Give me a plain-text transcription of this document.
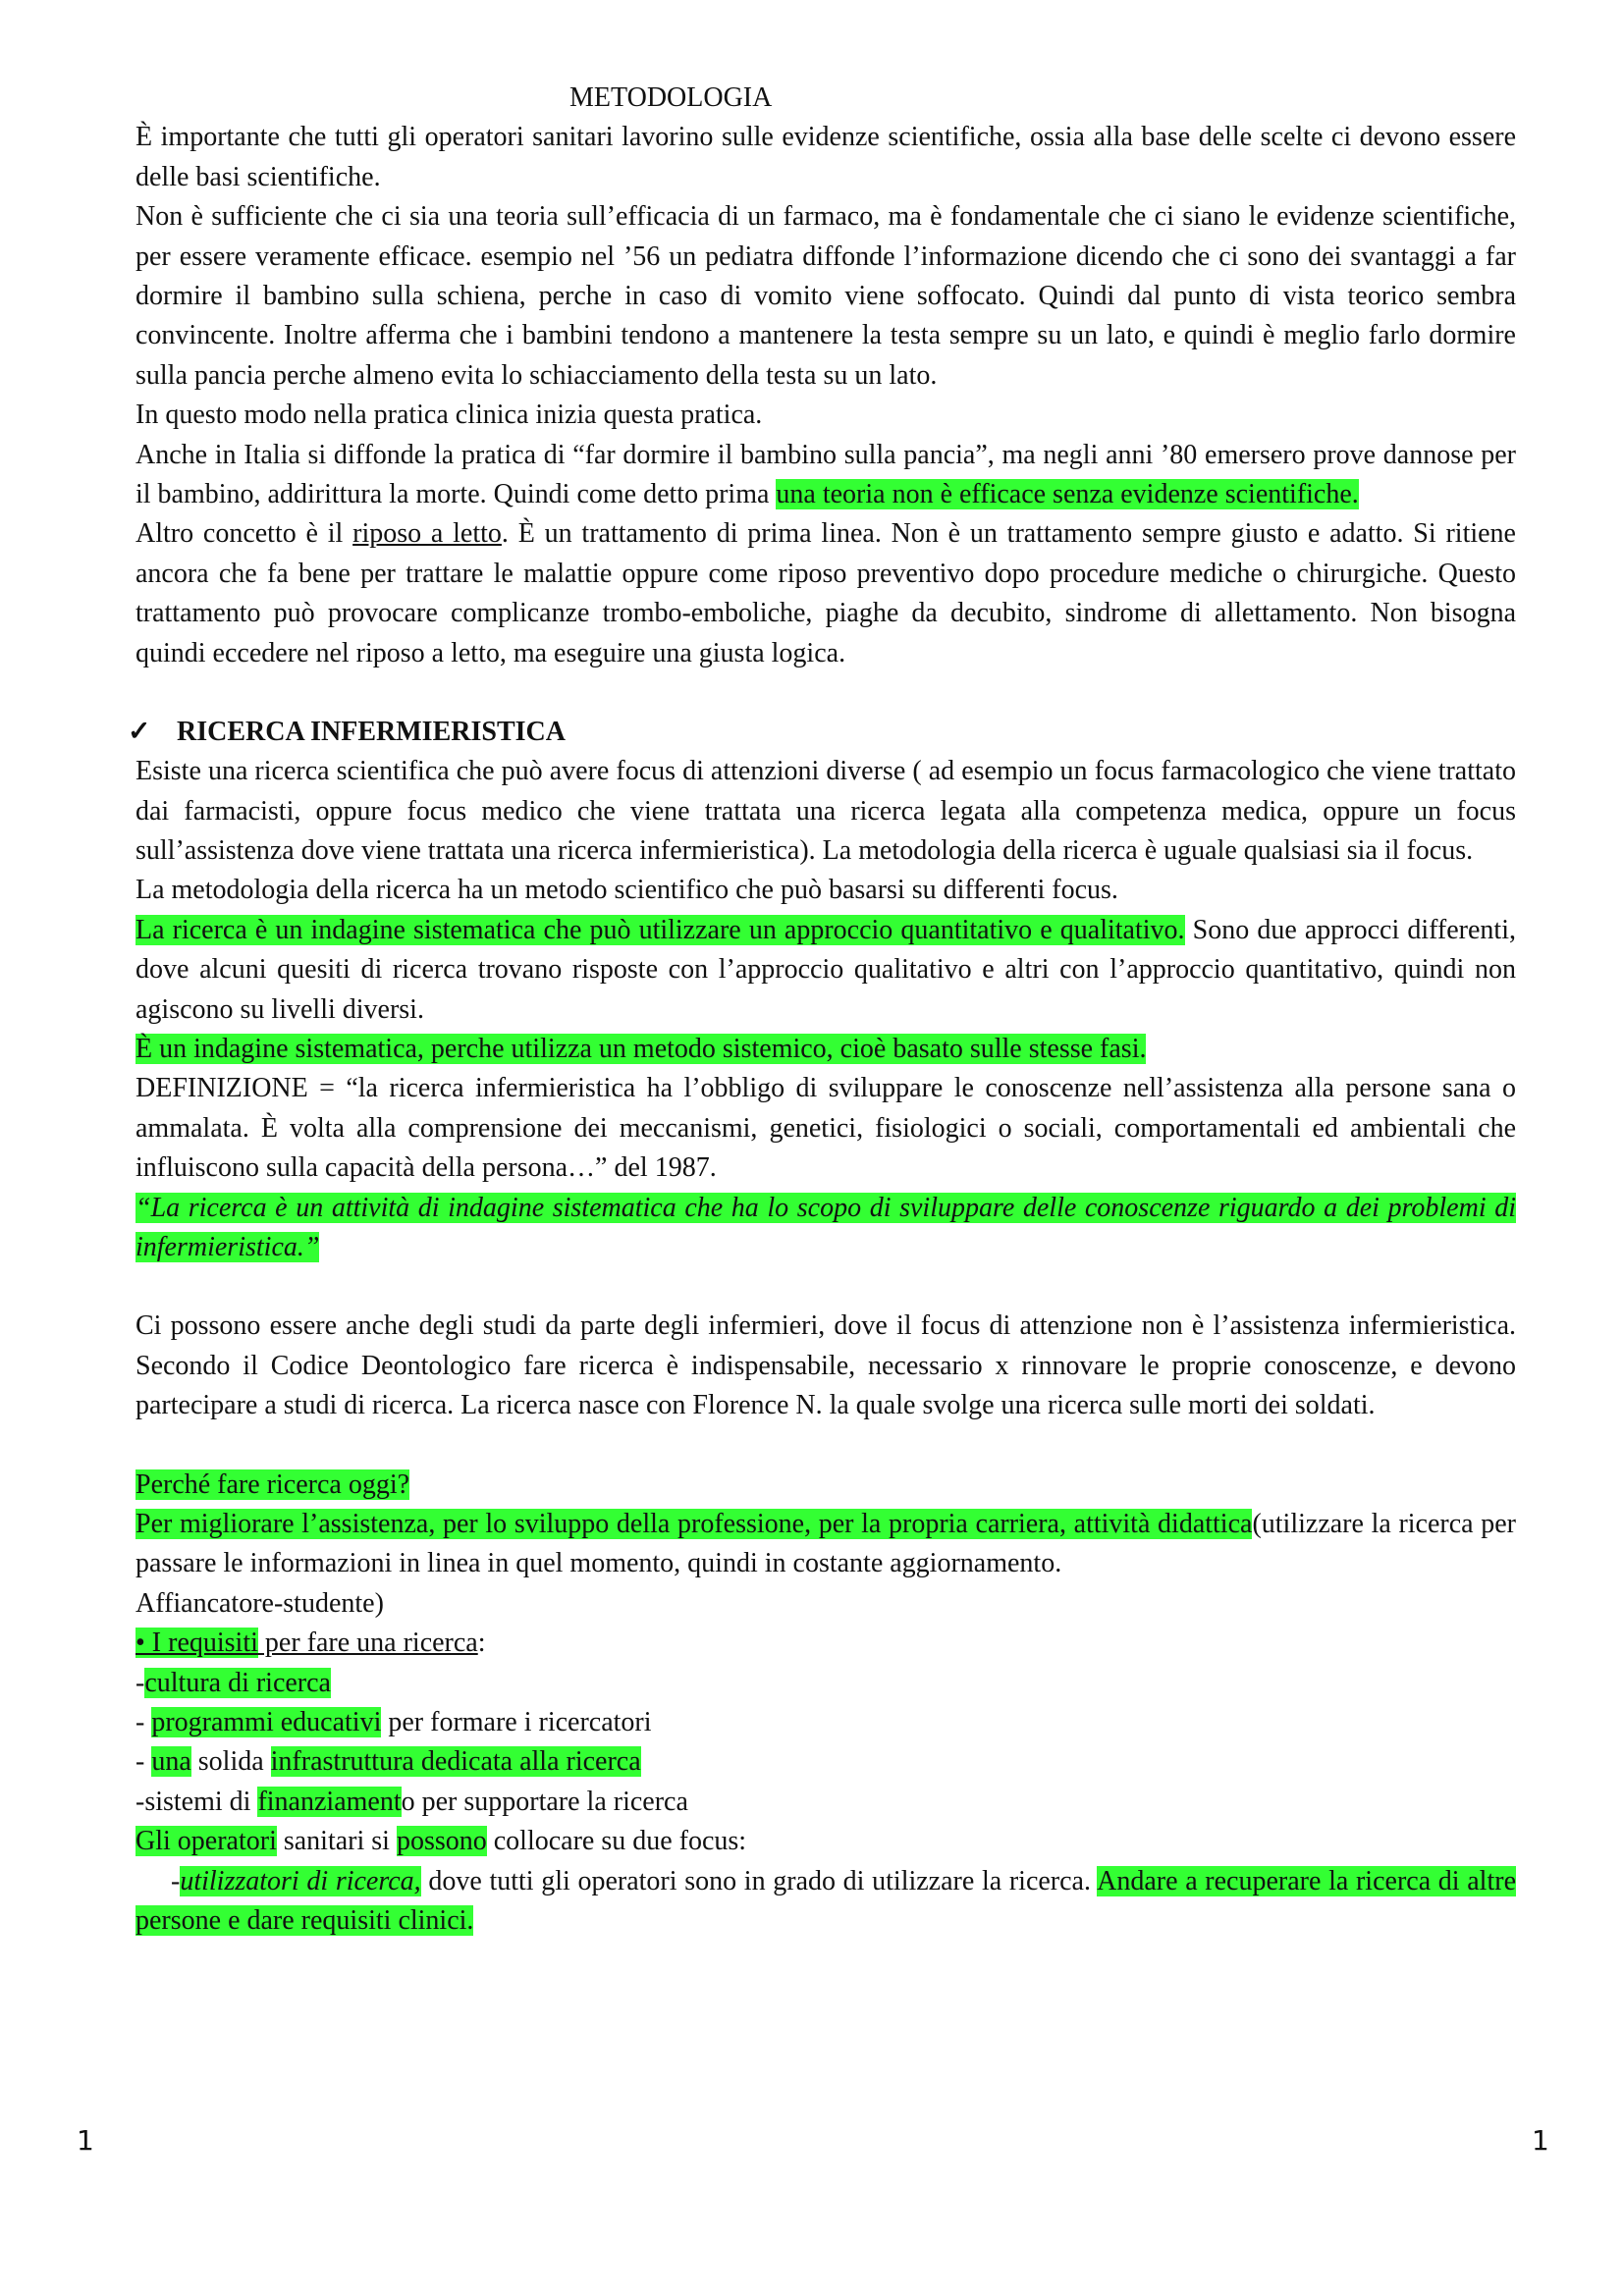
METODOLOGIA

È importante che tutti gli operatori sanitari lavorino sulle evidenze scientifiche, ossia alla base delle scelte ci devono essere delle basi scientifiche.

Non è sufficiente che ci sia una teoria sull’efficacia di un farmaco, ma è fondamentale che ci siano le evidenze scientifiche, per essere veramente efficace. esempio nel ’56 un pediatra diffonde l’informazione dicendo che ci sono dei svantaggi a far dormire il bambino sulla schiena, perche in caso di vomito viene soffocato. Quindi dal punto di vista teorico sembra convincente. Inoltre afferma che i bambini tendono a mantenere la testa sempre su un lato, e quindi è meglio farlo dormire sulla pancia perche almeno evita lo schiacciamento della testa su un lato.

In questo modo nella pratica clinica inizia questa pratica.

Anche in Italia si diffonde la pratica di “far dormire il bambino sulla pancia”, ma negli anni ’80 emersero prove dannose per il bambino, addirittura la morte. Quindi come detto prima una teoria non è efficace senza evidenze scientifiche.

Altro concetto è il riposo a letto. È un trattamento di prima linea. Non è un trattamento sempre giusto e adatto. Si ritiene ancora che fa bene per trattare le malattie oppure come riposo preventivo dopo procedure mediche o chirurgiche. Questo trattamento può provocare complicanze trombo-emboliche, piaghe da decubito, sindrome di allettamento. Non bisogna quindi eccedere nel riposo a letto, ma eseguire una giusta logica.

✓ RICERCA INFERMIERISTICA

Esiste una ricerca scientifica che può avere focus di attenzioni diverse ( ad esempio un focus farmacologico che viene trattato dai farmacisti, oppure focus medico che viene trattata una ricerca legata alla competenza medica, oppure un focus sull’assistenza dove viene trattata una ricerca infermieristica). La metodologia della ricerca è uguale qualsiasi sia il focus.

La metodologia della ricerca ha un metodo scientifico che può basarsi su differenti focus.

La ricerca è un indagine sistematica che può utilizzare un approccio quantitativo e qualitativo. Sono due approcci differenti, dove alcuni quesiti di ricerca trovano risposte con l’approccio qualitativo e altri con l’approccio quantitativo, quindi non agiscono su livelli diversi.

È un indagine sistematica, perche utilizza un metodo sistemico, cioè basato sulle stesse fasi.

DEFINIZIONE = “la ricerca infermieristica ha l’obbligo di sviluppare le conoscenze nell’assistenza alla persone sana o ammalata. È volta alla comprensione dei meccanismi, genetici, fisiologici o sociali, comportamentali ed ambientali che influiscono sulla capacità della persona…” del 1987.

“La ricerca è un attività di indagine sistematica che ha lo scopo di sviluppare delle conoscenze riguardo a dei problemi di infermieristica.”

Ci possono essere anche degli studi da parte degli infermieri, dove il focus di attenzione non è l’assistenza infermieristica. Secondo il Codice Deontologico fare ricerca è indispensabile, necessario x rinnovare le proprie conoscenze, e devono partecipare a studi di ricerca. La ricerca nasce con Florence N. la quale svolge una ricerca sulle morti dei soldati.

Perché fare ricerca oggi?

Per migliorare l’assistenza, per lo sviluppo della professione, per la propria carriera, attività didattica(utilizzare la ricerca per passare le informazioni in linea in quel momento, quindi in costante aggiornamento.

Affiancatore-studente)

• I requisiti per fare una ricerca:

-cultura di ricerca

- programmi educativi per formare i ricercatori

- una solida infrastruttura dedicata alla ricerca

-sistemi di finanziamento per supportare la ricerca

Gli operatori sanitari si possono collocare su due focus:

-utilizzatori di ricerca, dove tutti gli operatori sono in grado di utilizzare la ricerca. Andare a recuperare la ricerca di altre persone e dare requisiti clinici.

1	1
